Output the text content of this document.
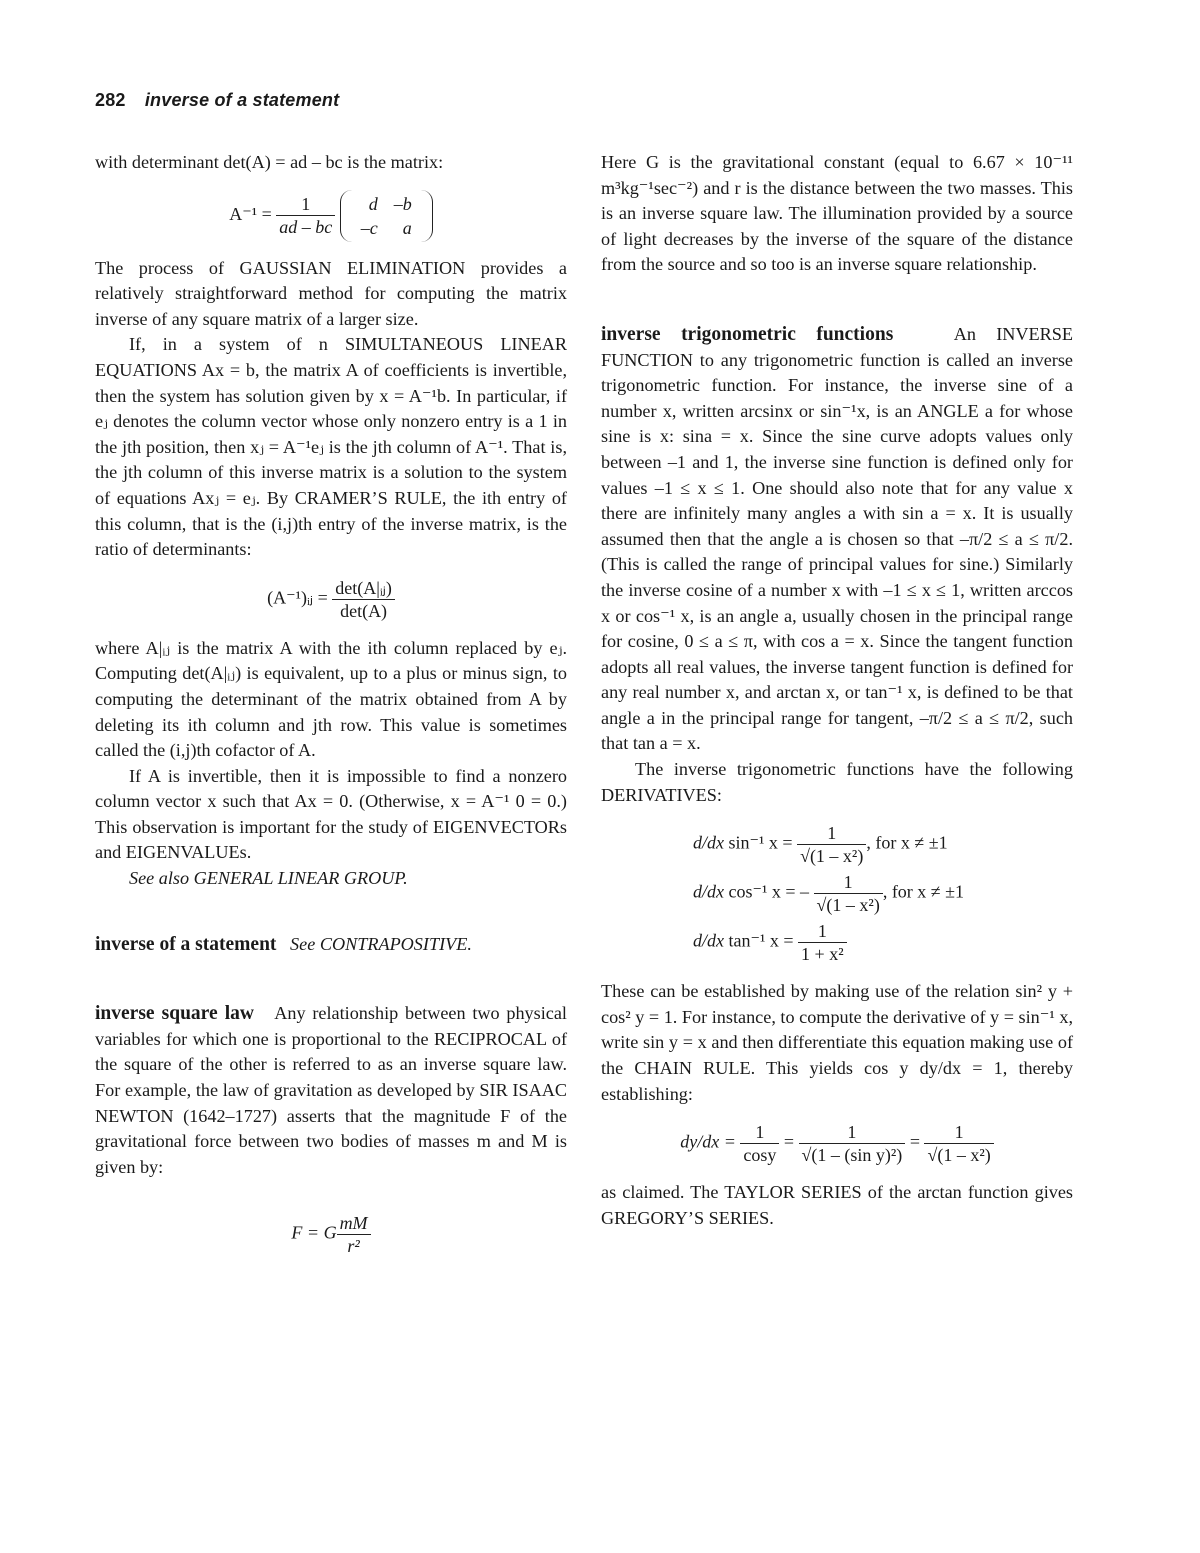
282 inverse of a statement

with determinant det(A) = ad – bc is the matrix:

$A^{-1} = \frac{1}{ad - bc}$
d	–b
–c	a

The process of GAUSSIAN ELIMINATION provides a relatively straightforward method for computing the matrix inverse of any square matrix of a larger size.

If, in a system of n SIMULTANEOUS LINEAR EQUATIONS Ax = b, the matrix A of coefficients is invertible, then the system has solution given by x = A⁻¹b. In particular, if eⱼ denotes the column vector whose only nonzero entry is a 1 in the jth position, then xⱼ = A⁻¹eⱼ is the jth column of A⁻¹. That is, the jth column of this inverse matrix is a solution to the system of equations Axⱼ = eⱼ. By CRAMER’S RULE, the ith entry of this column, that is the (i,j)th entry of the inverse matrix, is the ratio of determinants:

(A⁻¹)ᵢⱼ = $\frac{\text{det(A|ᵢⱼ)}}{\det(A)}$

where A|ᵢⱼ is the matrix A with the ith column replaced by eⱼ. Computing det(A|ᵢⱼ) is equivalent, up to a plus or minus sign, to computing the determinant of the matrix obtained from A by deleting its ith column and jth row. This value is sometimes called the (i,j)th cofactor of A.

If A is invertible, then it is impossible to find a nonzero column vector x such that Ax = 0. (Otherwise, x = A⁻¹ 0 = 0.) This observation is important for the study of EIGENVECTORs and EIGENVALUEs.

See also GENERAL LINEAR GROUP.

inverse of a statement See CONTRAPOSITIVE.

inverse square law Any relationship between two physical variables for which one is proportional to the RECIPROCAL of the square of the other is referred to as an inverse square law. For example, the law of gravitation as developed by SIR ISAAC NEWTON (1642–1727) asserts that the magnitude F of the gravitational force between two bodies of masses m and M is given by:

F = G $\frac{mM}{\text{r²}}$

Here G is the gravitational constant (equal to 6.67 × 10⁻¹¹ m³kg⁻¹sec⁻²) and r is the distance between the two masses. This is an inverse square law. The illumination provided by a source of light decreases by the inverse of the square of the distance from the source and so too is an inverse square relationship.

inverse trigonometric functions	An INVERSE FUNCTION to any trigonometric function is called an inverse trigonometric function. For instance, the inverse sine of a number x, written arcsinx or sin⁻¹x, is an ANGLE a for whose sine is x: sina = x. Since the sine curve adopts values only between –1 and 1, the inverse sine function is defined only for values –1 ≤ x ≤ 1. One should also note that for any value x there are infinitely many angles a with sin a = x. It is usually assumed then that the angle a is chosen so that –π/2 ≤ a ≤ π/2. (This is called the range of principal values for sine.) Similarly the inverse cosine of a number x with –1 ≤ x ≤ 1, written arccos x or cos⁻¹ x, is an angle a, usually chosen in the principal range for cosine, 0 ≤ a ≤ π, with cos a = x. Since the tangent function adopts all real values, the inverse tangent function is defined for any real number x, and arctan x, or tan⁻¹ x, is defined to be that angle a in the principal range for tangent, –π/2 ≤ a ≤ π/2, such that tan a = x.

The inverse trigonometric functions have the following DERIVATIVES:

d/dx sin⁻¹ $x = \frac{1}{\text{√(1 – x²)}}$ , for x ≠ ±1
d/dx cos⁻¹ x = – $\frac{1}{\text{√(1 – x²)}}$ , for x ≠ ±1
d/dx tan⁻¹ $x = \frac{1}{\text{1 + x²}}$

These can be established by making use of the relation sin² y + cos² y = 1. For instance, to compute the derivative of y = sin⁻¹ x, write sin y = x and then differentiate this equation making use of the CHAIN RULE. This yields cos y dy/dx = 1, thereby establishing:

$dy/dx = \frac{1}{\cos y} = \frac{1}{\text{√(1 – (sin y)²)}} = \frac{1}{\text{√(1 – x²)}}$

as claimed. The TAYLOR SERIES of the arctan function gives GREGORY’S SERIES.
